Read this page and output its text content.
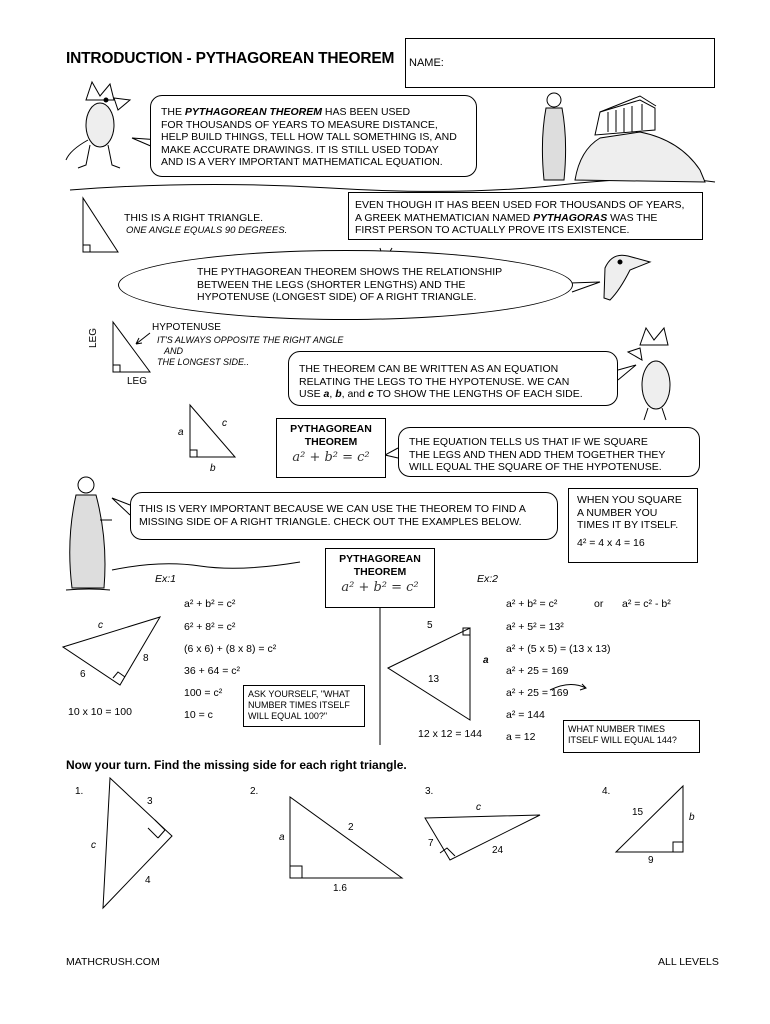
INTRODUCTION - PYTHAGOREAN THEOREM	NAME:
THE PYTHAGOREAN THEOREM HAS BEEN USED
FOR THOUSANDS OF YEARS TO MEASURE DISTANCE,
HELP BUILD THINGS, TELL HOW TALL SOMETHING IS, AND
MAKE ACCURATE DRAWINGS. IT IS STILL USED TODAY
AND IS A VERY IMPORTANT MATHEMATICAL EQUATION.
THIS IS A RIGHT TRIANGLE.
ONE ANGLE EQUALS 90 DEGREES.
EVEN THOUGH IT HAS BEEN USED FOR THOUSANDS OF YEARS,
A GREEK MATHEMATICIAN NAMED PYTHAGORAS WAS THE
FIRST PERSON TO ACTUALLY PROVE ITS EXISTENCE.
THE PYTHAGOREAN THEOREM SHOWS THE RELATIONSHIP
BETWEEN THE LEGS (SHORTER LENGTHS) AND THE
HYPOTENUSE (LONGEST SIDE) OF A RIGHT TRIANGLE.
LEG
LEG
HYPOTENUSE
IT'S ALWAYS OPPOSITE THE RIGHT ANGLE
AND
THE LONGEST SIDE..
THE THEOREM CAN BE WRITTEN AS AN EQUATION
RELATING THE LEGS TO THE HYPOTENUSE. WE CAN
USE a, b, and c TO SHOW THE LENGTHS OF EACH SIDE.
a
c
b
PYTHAGOREAN
THEOREM
a² + b² = c²
THE EQUATION TELLS US THAT IF WE SQUARE
THE LEGS AND THEN ADD THEM TOGETHER THEY
WILL EQUAL THE SQUARE OF THE HYPOTENUSE.
THIS IS VERY IMPORTANT BECAUSE WE CAN USE THE THEOREM TO FIND A
MISSING SIDE OF A RIGHT TRIANGLE. CHECK OUT THE EXAMPLES BELOW.
WHEN YOU SQUARE
A NUMBER YOU
TIMES IT BY ITSELF.
4² = 4 x 4 = 16
PYTHAGOREAN
THEOREM
a² + b² = c²
Ex:1
a² + b² = c²
6² + 8² = c²
(6 x 6) + (8 x 8) = c²
36 + 64 = c²
100 = c²
10 = c
c
8
6
10 x 10 = 100
ASK YOURSELF, "WHAT
NUMBER TIMES ITSELF
WILL EQUAL 100?"
Ex:2
a² + b² = c²
a² + 5² = 13²
a² + (5 x 5) = (13 x 13)
a² + 25 = 169
a² + 25 = 169
a² = 144
a = 12
or a² = c² - b²
5
a
13
12 x 12 = 144	WHAT NUMBER TIMES
ITSELF WILL EQUAL 144?
Now your turn. Find the missing side for each right triangle.
1.
3
c
4
2.
a
2
1.6
3.
c
7
24
4.
15	b
9
MATHCRUSH.COM	ALL LEVELS
